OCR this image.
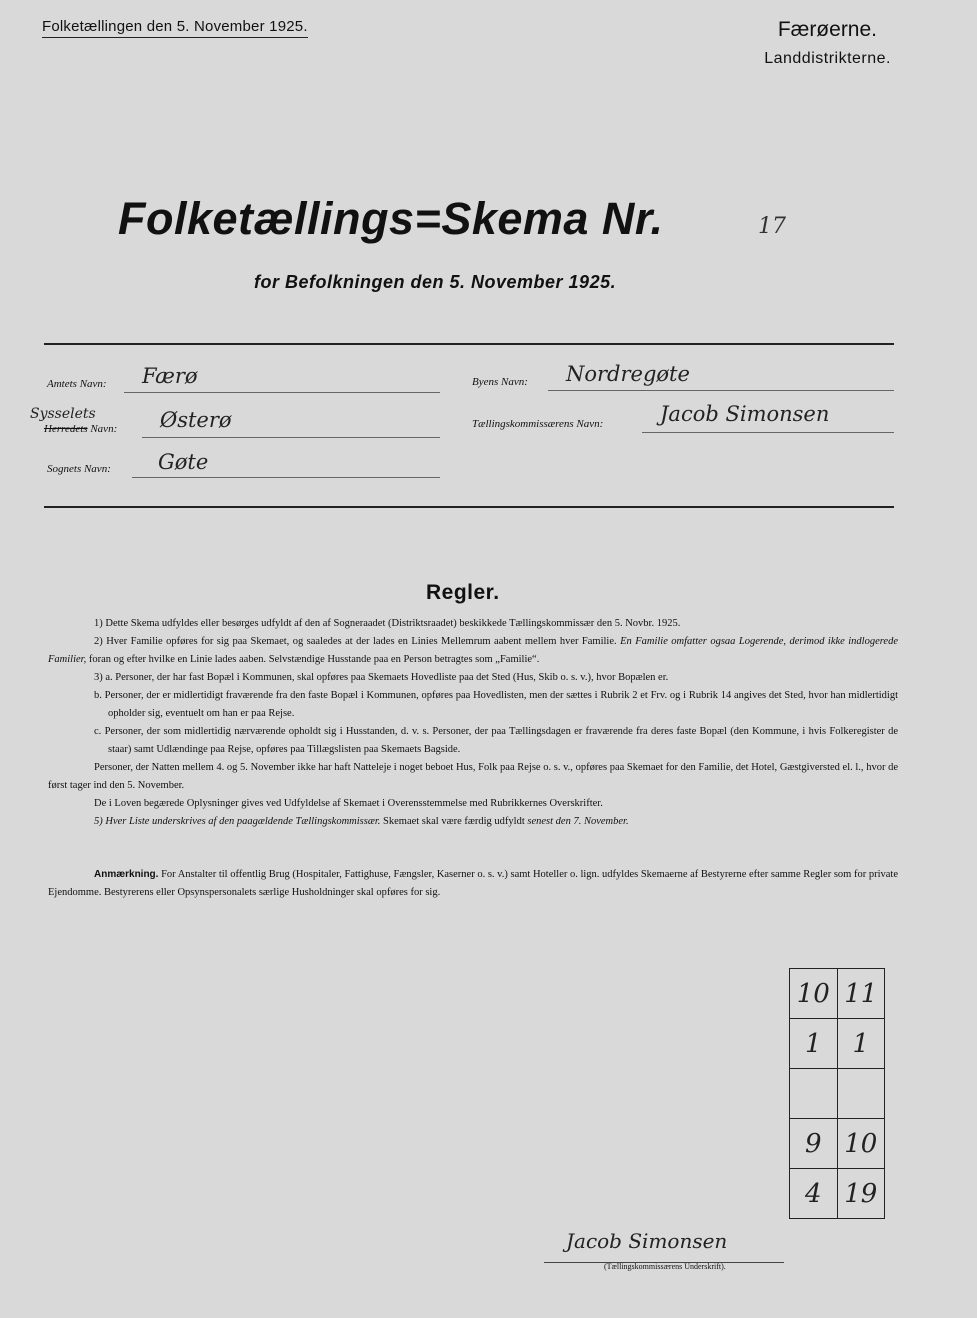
Folketællingen den 5. November 1925.	Færøerne.
Landdistrikterne.
Folketællings=Skema Nr.	17
for Befolkningen den 5. November 1925.
Amtets Navn: Færø
Sysselets
Herredets Navn: Østerø
Sognets Navn: Gøte
Byens Navn: Nordregøte
Tællingskommissærens Navn:	Jacob Simonsen
Regler.

1) Dette Skema udfyldes eller besørges udfyldt af den af Sogneraadet (Distriktsraadet) beskikkede Tællingskommissær den 5. Novbr. 1925.

2) Hver Familie opføres for sig paa Skemaet, og saaledes at der lades en Linies Mellemrum aabent mellem hver Familie. En Familie omfatter ogsaa Logerende, derimod ikke indlogerede Familier, foran og efter hvilke en Linie lades aaben. Selvstændige Husstande paa en Person betragtes som „Familie“.

3) a. Personer, der har fast Bopæl i Kommunen, skal opføres paa Skemaets Hovedliste paa det Sted (Hus, Skib o. s. v.), hvor Bopælen er.

b. Personer, der er midlertidigt fraværende fra den faste Bopæl i Kommunen, opføres paa Hovedlisten, men der sættes i Rubrik 2 et Frv. og i Rubrik 14 angives det Sted, hvor han midlertidigt opholder sig, eventuelt om han er paa Rejse.

c. Personer, der som midlertidig nærværende opholdt sig i Husstanden, d. v. s. Personer, der paa Tællingsdagen er fraværende fra deres faste Bopæl (den Kommune, i hvis Folkeregister de staar) samt Udlændinge paa Rejse, opføres paa Tillægslisten paa Skemaets Bagside.

Personer, der Natten mellem 4. og 5. November ikke har haft Natteleje i noget beboet Hus, Folk paa Rejse o. s. v., opføres paa Skemaet for den Familie, det Hotel, Gæstgiversted el. l., hvor de først tager ind den 5. November.

De i Loven begærede Oplysninger gives ved Udfyldelse af Skemaet i Overensstemmelse med Rubrikkernes Overskrifter.

5) Hver Liste underskrives af den paagældende Tællingskommissær. Skemaet skal være færdig udfyldt senest den 7. November.

Anmærkning. For Anstalter til offentlig Brug (Hospitaler, Fattighuse, Fængsler, Kaserner o. s. v.) samt Hoteller o. lign. udfyldes Skemaerne af Bestyrerne efter samme Regler som for private Ejendomme. Bestyrerens eller Opsynspersonalets særlige Husholdninger skal opføres for sig.
10	11
1	1

9	10
4	19
Jacob Simonsen
(Tællingskommissærens Underskrift).
